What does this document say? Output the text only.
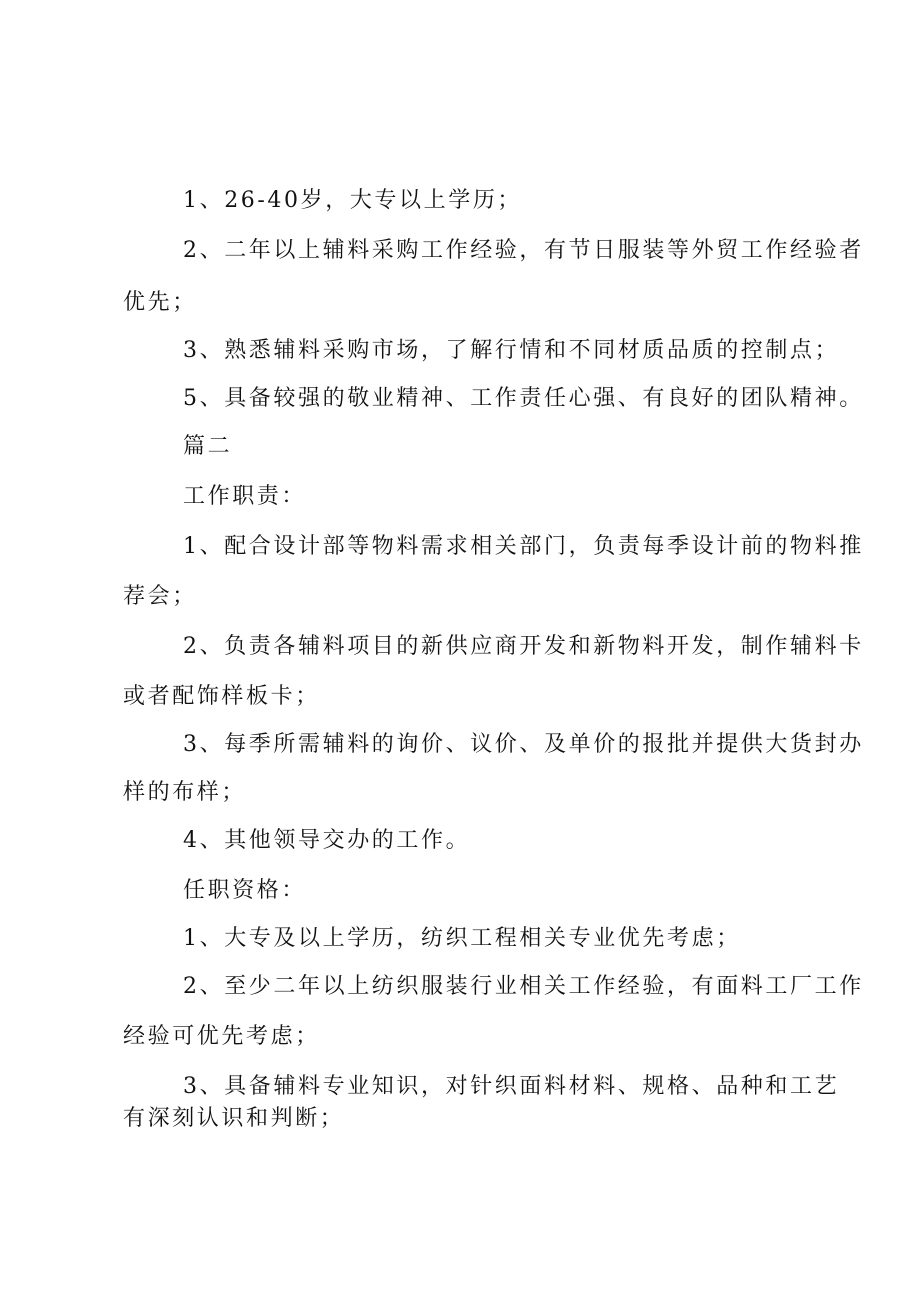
1、26-40岁，大专以上学历；
2、二年以上辅料采购工作经验，有节日服装等外贸工作经验者
优先；
3、熟悉辅料采购市场，了解行情和不同材质品质的控制点；
5、具备较强的敬业精神、工作责任心强、有良好的团队精神。
篇二
工作职责：
1、配合设计部等物料需求相关部门，负责每季设计前的物料推
荐会；
2、负责各辅料项目的新供应商开发和新物料开发，制作辅料卡
或者配饰样板卡；
3、每季所需辅料的询价、议价、及单价的报批并提供大货封办
样的布样；
4、其他领导交办的工作。
任职资格：
1、大专及以上学历，纺织工程相关专业优先考虑；
2、至少二年以上纺织服装行业相关工作经验，有面料工厂工作
经验可优先考虑；
3、具备辅料专业知识，对针织面料材料、规格、品种和工艺
有深刻认识和判断；
